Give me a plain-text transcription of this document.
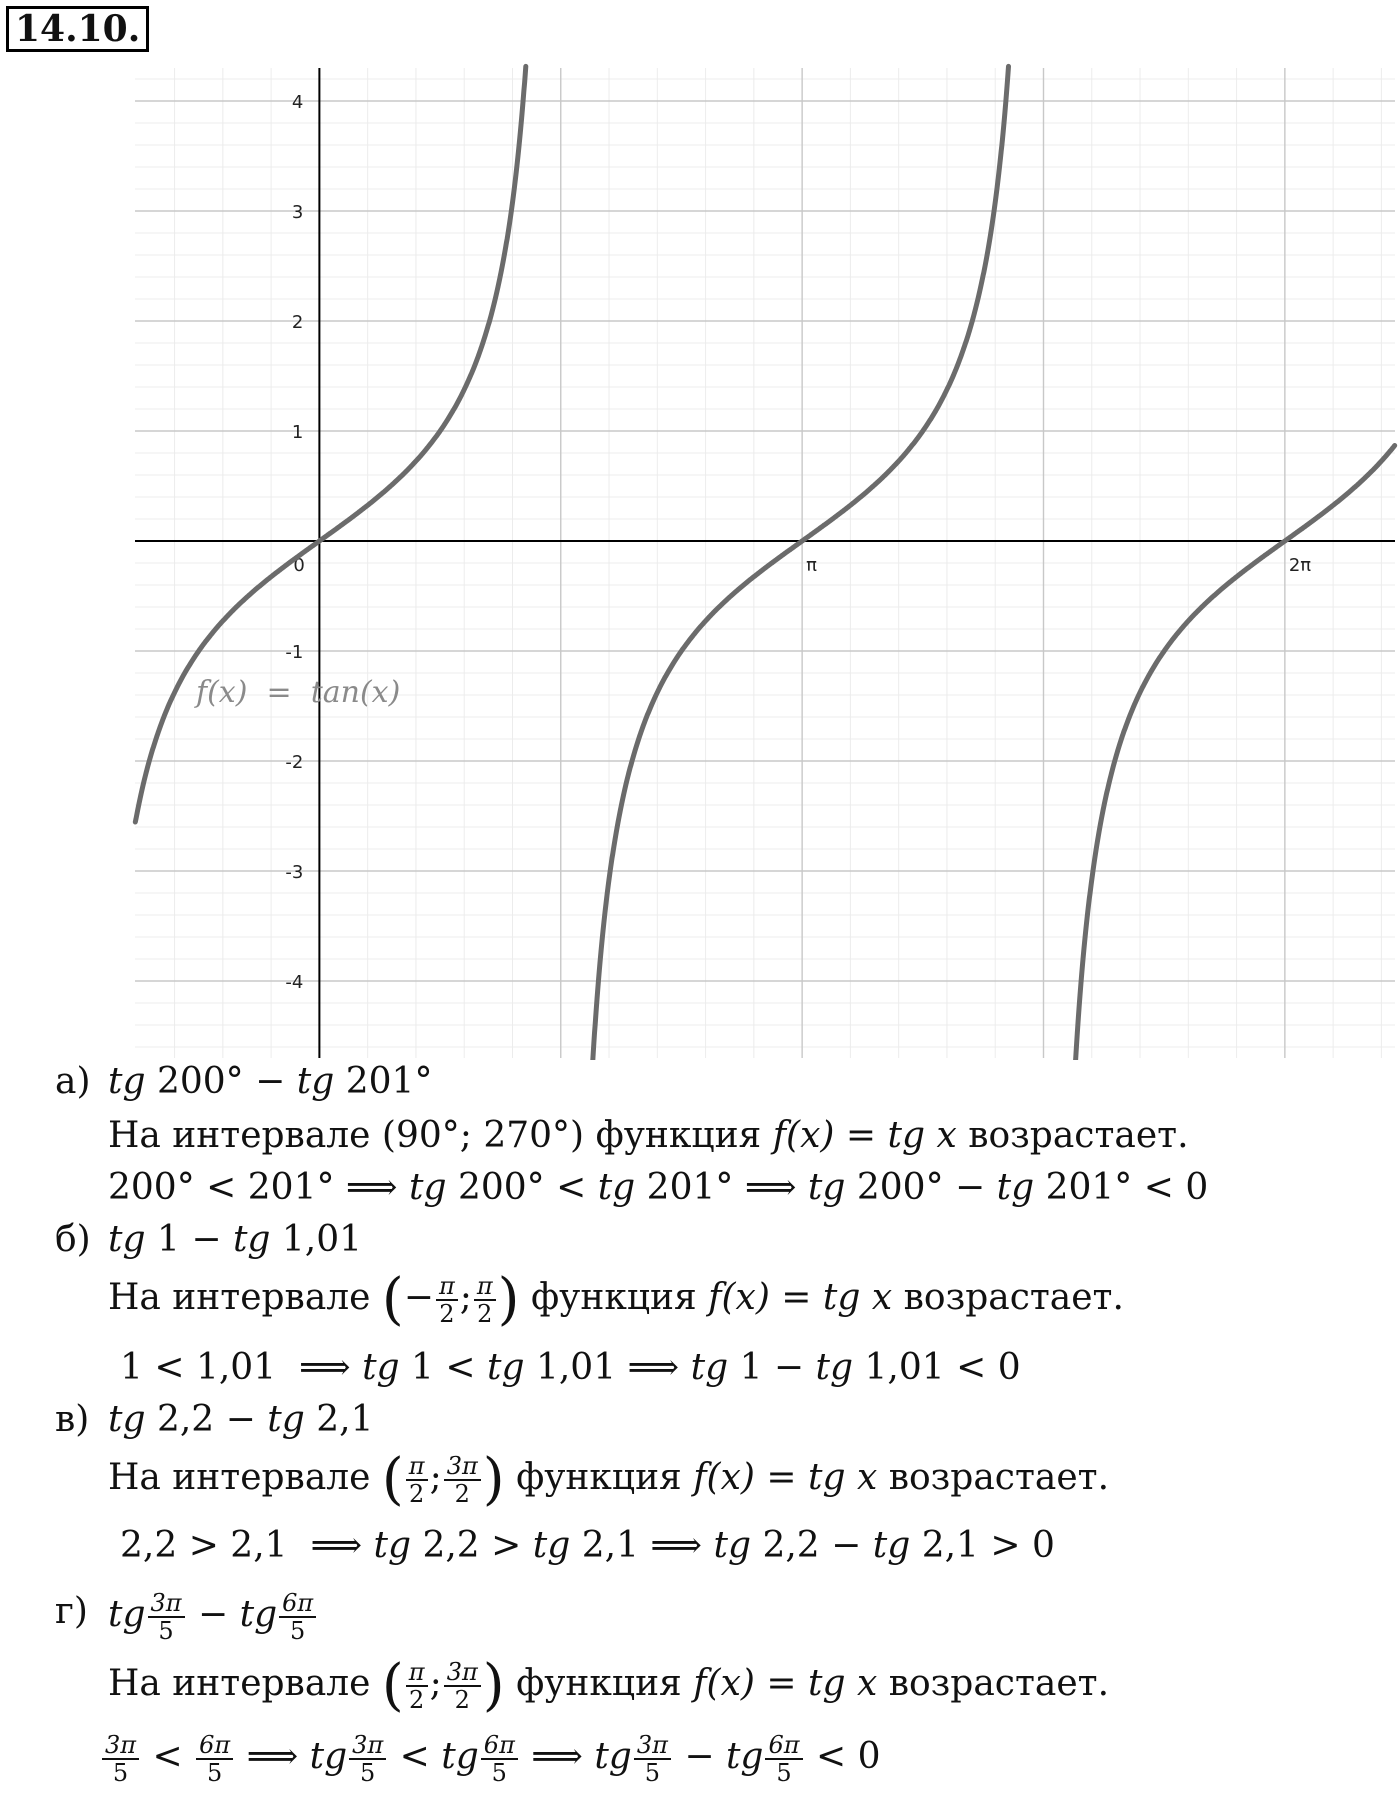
14.10.
4
3
2
1
-1
-2
-3
-4
0	π	2π
f(x)  =  tan(x)
а) tg 200° − tg 201°
На интервале (90°; 270°) функция f(x) = tg x возрастает.
200° < 201° ⟹ tg 200° < tg 201° ⟹ tg 200° − tg 201° < 0
б) tg 1 − tg 1,01
На интервале (− $\frac{\pi}{2}$ ; $\frac{\pi}{2}$ ) функция f(x) = tg x возрастает.
1 < 1,01  ⟹ tg 1 < tg 1,01 ⟹ tg 1 − tg 1,01 < 0
в) tg 2,2 − tg 2,1
На интервале ( $\frac{\pi}{2}$ ; $\frac{3\pi}{2}$ ) функция f(x) = tg x возрастает.
2,2 > 2,1  ⟹ tg 2,2 > tg 2,1 ⟹ tg 2,2 − tg 2,1 > 0
г) tg $\frac{3\pi}{5}$ − tg $\frac{6\pi}{5}$
На интервале ( $\frac{\pi}{2}$ ; $\frac{3\pi}{2}$ ) функция f(x) = tg x возрастает.
$\frac{3\pi}{5} < \frac{6\pi}{5}$ ⟹ tg $\frac{3\pi}{5}$ < tg $\frac{6\pi}{5}$ ⟹ tg $\frac{3\pi}{5}$ − tg $\frac{6\pi}{5} < 0$
